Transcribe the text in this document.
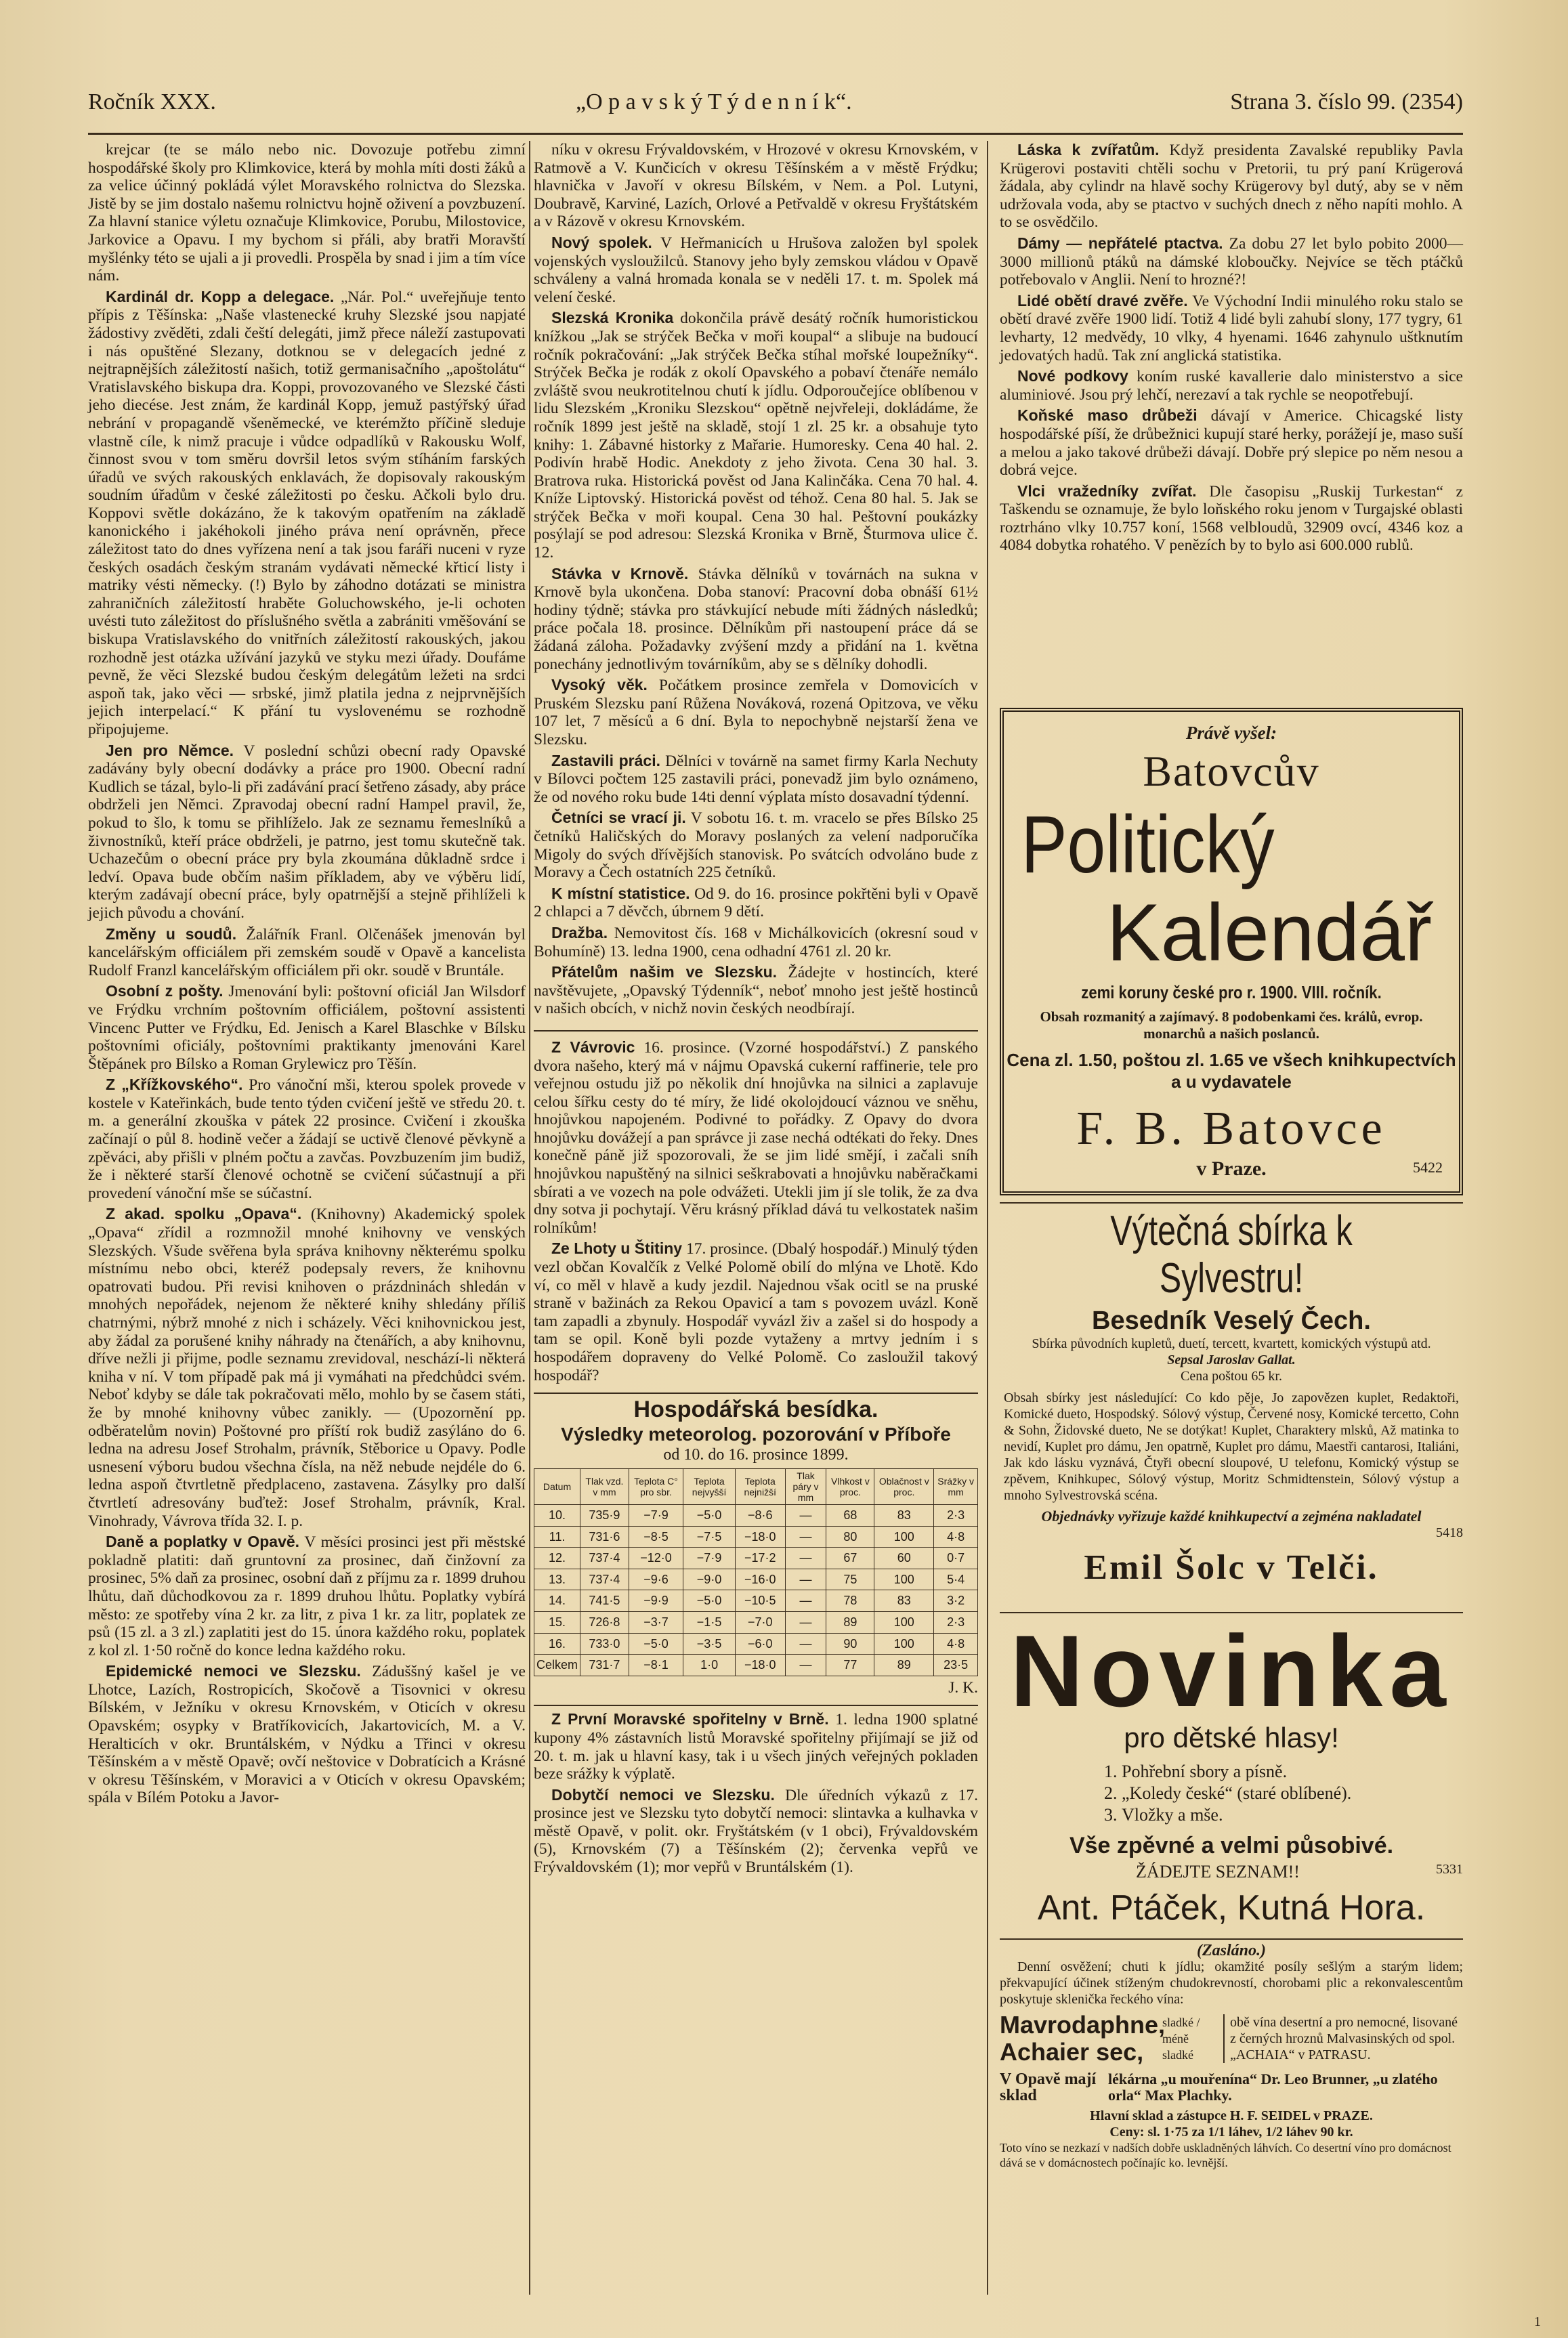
Ročník XXX.	„O p a v s k ý T ý d e n n í k“.	Strana 3. číslo 99. (2354)

krejcar (te se málo nebo nic. Dovozuje potřebu zimní hospodářské školy pro Klimkovice, která by mohla míti dosti žáků a za velice účinný pokládá výlet Moravského rolnictva do Slezska. Jistě by se jim dostalo našemu rolnictvu hojně oživení a povzbuzení. Za hlavní stanice výletu označuje Klimkovice, Porubu, Milostovice, Jarkovice a Opavu. I my bychom si přáli, aby bratři Moravští myšlénky této se ujali a ji provedli. Prospěla by snad i jim a tím více nám.

Kardinál dr. Kopp a delegace. „Nár. Pol.“ uveřejňuje tento přípis z Těšínska: „Naše vlastenecké kruhy Slezské jsou napjaté žádostivy zvěděti, zdali čeští delegáti, jimž přece náleží zastupovati i nás opuštěné Slezany, dotknou se v delegacích jedné z nejtrapnějších záležitostí našich, totiž germanisačního „apoštolátu“ Vratislavského biskupa dra. Koppi, provozovaného ve Slezské části jeho diecése. Jest znám, že kardinál Kopp, jemuž pastýřský úřad nebrání v propagandě všeněmecké, ve kterémžto příčině sleduje vlastně cíle, k nimž pracuje i vůdce odpadlíků v Rakousku Wolf, činnost svou v tom směru dovršil letos svým stíháním farských úřadů ve svých rakouských enklavách, že dopisovaly rakouským soudním úřadům v české záležitosti po česku. Ačkoli bylo dru. Koppovi světle dokázáno, že k takovým opatřením na základě kanonického i jakéhokoli jiného práva není oprávněn, přece záležitost tato do dnes vyřízena není a tak jsou faráři nuceni v ryze českých osadách českým stranám vydávati německé křticí listy i matriky vésti německy. (!) Bylo by záhodno dotázati se ministra zahraničních záležitostí hraběte Goluchowského, je-li ochoten uvésti tuto záležitost do příslušného světla a zabrániti vměšování se biskupa Vratislavského do vnitřních záležitostí rakouských, jakou rozhodně jest otázka užívání jazyků ve styku mezi úřady. Doufáme pevně, že věci Slezské budou českým delegátům ležeti na srdci aspoň tak, jako věci — srbské, jimž platila jedna z nejprvnějších jejich interpelací.“ K přání tu vyslovenému se rozhodně připojujeme.

Jen pro Němce. V poslední schůzi obecní rady Opavské zadávány byly obecní dodávky a práce pro 1900. Obecní radní Kudlich se tázal, bylo-li při zadávání prací šetřeno zásady, aby práce obdrželi jen Němci. Zpravodaj obecní radní Hampel pravil, že, pokud to šlo, k tomu se přihlíželo. Jak ze seznamu řemeslníků a živnostníků, kteří práce obdrželi, je patrno, jest tomu skutečně tak. Uchazečům o obecní práce pry byla zkoumána důkladně srdce i ledví. Opava bude občím našim příkladem, aby ve výběru lidí, kterým zadávají obecní práce, byly opatrnější a stejně přihlíželi k jejich původu a chování.

Změny u soudů. Žalářník Franl. Olčenášek jmenován byl kancelářským officiálem při zemském soudě v Opavě a kancelista Rudolf Franzl kancelářským officiálem při okr. soudě v Bruntále.

Osobní z pošty. Jmenování byli: poštovní oficiál Jan Wilsdorf ve Frýdku vrchním poštovním officiálem, poštovní assistenti Vincenc Putter ve Frýdku, Ed. Jenisch a Karel Blaschke v Bílsku poštovními oficiály, poštovními praktikanty jmenováni Karel Štěpánek pro Bílsko a Roman Grylewicz pro Těšín.

Z „Křížkovského“. Pro vánoční mši, kterou spolek provede v kostele v Kateřinkách, bude tento týden cvičení ještě ve středu 20. t. m. a generální zkouška v pátek 22 prosince. Cvičení i zkouška začínají o půl 8. hodině večer a žádají se uctivě členové pěvkyně a zpěváci, aby přišli v plném počtu a zavčas. Povzbuzením jim budiž, že i některé starší členové ochotně se cvičení súčastnují a při provedení vánoční mše se súčastní.

Z akad. spolku „Opava“. (Knihovny) Akademický spolek „Opava“ zřídil a rozmnožil mnohé knihovny ve venských Slezských. Všude svěřena byla správa knihovny některému spolku místnímu nebo obci, kteréž podepsaly revers, že knihovnu opatrovati budou. Při revisi knihoven o prázdninách shledán v mnohých nepořádek, nejenom že některé knihy shledány příliš chatrnými, nýbrž mnohé z nich i scházely. Věci knihovnickou jest, aby žádal za porušené knihy náhrady na čtenářích, a aby knihovnu, dříve nežli ji přijme, podle seznamu zrevidoval, neschází-li některá kniha v ní. V tom případě pak má ji vymáhati na předchůdci svém. Neboť kdyby se dále tak pokračovati mělo, mohlo by se časem státi, že by mnohé knihovny vůbec zanikly. — (Upozornění pp. odběratelům novin) Poštovné pro příští rok budiž zasýláno do 6. ledna na adresu Josef Strohalm, právník, Stěborice u Opavy. Podle usnesení výboru budou všechna čísla, na něž nebude nejdéle do 6. ledna aspoň čtvrtletně předplaceno, zastavena. Zásylky pro další čtvrtletí adresovány buďtež: Josef Strohalm, právník, Kral. Vinohrady, Vávrova třída 32. I. p.

Daně a poplatky v Opavě. V měsíci prosinci jest při městské pokladně platiti: daň gruntovní za prosinec, daň činžovní za prosinec, 5% daň za prosinec, osobní daň z příjmu za r. 1899 druhou lhůtu, daň důchodkovou za r. 1899 druhou lhůtu. Poplatky vybírá město: ze spotřeby vína 2 kr. za litr, z piva 1 kr. za litr, poplatek ze psů (15 zl. a 3 zl.) zaplatiti jest do 15. února každého roku, poplatek z kol zl. 1·50 ročně do konce ledna každého roku.

Epidemické nemoci ve Slezsku. Záduššný kašel je ve Lhotce, Lazích, Rostropicích, Skočově a Tisovnici v okresu Bílském, v Ježníku v okresu Krnovském, v Oticích v okresu Opavském; osypky v Bratříkovicích, Jakartovicích, M. a V. Heralticích v okr. Bruntálském, v Nýdku a Třinci v okresu Těšínském a v městě Opavě; ovčí neštovice v Dobratícich a Krásné v okresu Těšínském, v Moravici a v Oticích v okresu Opavském; spála v Bílém Potoku a Javor-

níku v okresu Frývaldovském, v Hrozové v okresu Krnovském, v Ratmově a V. Kunčicích v okresu Těšínském a v městě Frýdku; hlavnička v Javoří v okresu Bílském, v Nem. a Pol. Lutyni, Doubravě, Karviné, Lazích, Orlové a Petřvaldě v okresu Fryštátském a v Rázově v okresu Krnovském.

Nový spolek. V Heřmanicích u Hrušova založen byl spolek vojenských vysloužilců. Stanovy jeho byly zemskou vládou v Opavě schváleny a valná hromada konala se v neděli 17. t. m. Spolek má velení české.

Slezská Kronika dokončila právě desátý ročník humoristickou knížkou „Jak se strýček Bečka v moři koupal“ a slibuje na budoucí ročník pokračování: „Jak strýček Bečka stíhal mořské loupežníky“. Strýček Bečka je rodák z okolí Opavského a pobaví čtenáře nemálo zvláště svou neukrotitelnou chutí k jídlu. Odporoučejíce oblíbenou v lidu Slezském „Kroniku Slezskou“ opětně nejvřeleji, dokládáme, že ročník 1899 jest ještě na skladě, stojí 1 zl. 25 kr. a obsahuje tyto knihy: 1. Zábavné historky z Mařarie. Humoresky. Cena 40 hal. 2. Podivín hrabě Hodic. Anekdoty z jeho života. Cena 30 hal. 3. Bratrova ruka. Historická pověst od Jana Kalinčáka. Cena 70 hal. 4. Kníže Liptovský. Historická pověst od téhož. Cena 80 hal. 5. Jak se strýček Bečka v moři koupal. Cena 30 hal. Peštovní poukázky posýlají se pod adresou: Slezská Kronika v Brně, Šturmova ulice č. 12.

Stávka v Krnově. Stávka dělníků v továrnách na sukna v Krnově byla ukončena. Doba stanoví: Pracovní doba obnáší 61½ hodiny týdně; stávka pro stávkující nebude míti žádných následků; práce počala 18. prosince. Dělníkům při nastoupení práce dá se žádaná záloha. Požadavky zvýšení mzdy a přidání na 1. května ponechány jednotlivým továrníkům, aby se s dělníky dohodli.

Vysoký věk. Počátkem prosince zemřela v Domovicích v Pruském Slezsku paní Růžena Nováková, rozená Opitzova, ve věku 107 let, 7 měsíců a 6 dní. Byla to nepochybně nejstarší žena ve Slezsku.

Zastavili práci. Dělníci v továrně na samet firmy Karla Nechuty v Bílovci počtem 125 zastavili práci, ponevadž jim bylo oznámeno, že od nového roku bude 14ti denní výplata místo dosavadní týdenní.

Četníci se vrací ji. V sobotu 16. t. m. vracelo se přes Bílsko 25 četníků Haličských do Moravy poslaných za velení nadporučíka Migoly do svých dřívějších stanovisk. Po svátcích odvoláno bude z Moravy a Čech ostatních 225 četníků.

K místní statistice. Od 9. do 16. prosince pokřtěni byli v Opavě 2 chlapci a 7 děvčch, úbrnem 9 dětí.

Dražba. Nemovitost čís. 168 v Michálkovicích (okresní soud v Bohumíně) 13. ledna 1900, cena odhadní 4761 zl. 20 kr.

Přátelům našim ve Slezsku. Žádejte v hostincích, které navštěvujete, „Opavský Týdenník“, neboť mnoho jest ještě hostinců v našich obcích, v nichž novin českých neodbírají.

Z Vávrovic 16. prosince. (Vzorné hospodářství.) Z panského dvora našeho, který má v nájmu Opavská cukerní raffinerie, tele pro veřejnou ostudu již po několik dní hnojůvka na silnici a zaplavuje celou šířku cesty do té míry, že lidé okolojdoucí váznou ve sněhu, hnojůvkou napojeném. Podivné to pořádky. Z Opavy do dvora hnojůvku dovážejí a pan správce ji zase nechá odtékati do řeky. Dnes konečně páně již spozorovali, že se jim lidé smějí, i začali sníh hnojůvkou napuštěný na silnici seškrabovati a hnojůvku naběračkami sbírati a ve vozech na pole odvážeti. Utekli jim jí sle tolik, že za dva dny sotva ji pochytají. Věru krásný příklad dává tu velkostatek našim rolníkům!

Ze Lhoty u Štitiny 17. prosince. (Dbalý hospodář.) Minulý týden vezl občan Kovalčík z Velké Polomě obilí do mlýna ve Lhotě. Kdo ví, co měl v hlavě a kudy jezdil. Najednou však ocitl se na pruské straně v bažinách za Rekou Opavicí a tam s povozem uvázl. Koně tam zapadli a zbynuly. Hospodář vyvázl živ a zašel si do hospody a tam se opil. Koně byli pozde vytaženy a mrtvy jedním i s hospodářem dopraveny do Velké Polomě. Co zasloužil takový hospodář?

Hospodářská besídka.
Výsledky meteorolog. pozorování v Příboře
od 10. do 16. prosince 1899.
Datum	Tlak vzd. v mm	Teplota C° pro sbr.	Teplota nejvyšší	Teplota nejnižší	Tlak páry v mm	Vlhkost v proc.	Oblačnost v proc.	Srážky v mm
10.	735·9	−7·9	−5·0	−8·6	—	68	83	2·3
11.	731·6	−8·5	−7·5	−18·0	—	80	100	4·8
12.	737·4	−12·0	−7·9	−17·2	—	67	60	0·7
13.	737·4	−9·6	−9·0	−16·0	—	75	100	5·4
14.	741·5	−9·9	−5·0	−10·5	—	78	83	3·2
15.	726·8	−3·7	−1·5	−7·0	—	89	100	2·3
16.	733·0	−5·0	−3·5	−6·0	—	90	100	4·8
Celkem	731·7	−8·1	1·0	−18·0	—	77	89	23·5
J. K.

Z První Moravské spořitelny v Brně. 1. ledna 1900 splatné kupony 4% zástavních listů Moravské spořitelny přijímají se již od 20. t. m. jak u hlavní kasy, tak i u všech jiných veřejných pokladen beze srážky k výplatě.

Dobytčí nemoci ve Slezsku. Dle úředních výkazů z 17. prosince jest ve Slezsku tyto dobytčí nemoci: slintavka a kulhavka v městě Opavě, v polit. okr. Fryštátském (v 1 obci), Frývaldovském (5), Krnovském (7) a Těšínském (2); červenka vepřů ve Frývaldovském (1); mor vepřů v Bruntálském (1).

Láska k zvířatům. Když presidenta Zavalské republiky Pavla Krügerovi postaviti chtěli sochu v Pretorii, tu prý paní Krügerová žádala, aby cylindr na hlavě sochy Krügerovy byl dutý, aby se v něm udržovala voda, aby se ptactvo v suchých dnech z něho napíti mohlo. A to se osvědčilo.

Dámy — nepřátelé ptactva. Za dobu 27 let bylo pobito 2000—3000 millionů ptáků na dámské kloboučky. Nejvíce se těch ptáčků potřebovalo v Anglii. Není to hrozné?!

Lidé obětí dravé zvěře. Ve Východní Indii minulého roku stalo se obětí dravé zvěře 1900 lidí. Totiž 4 lidé byli zahubí slony, 177 tygry, 61 levharty, 12 medvědy, 10 vlky, 4 hyenami. 1646 zahynulo uštknutím jedovatých hadů. Tak zní anglická statistika.

Nové podkovy koním ruské kavallerie dalo ministerstvo a sice aluminiové. Jsou prý lehčí, nerezaví a tak rychle se neopotřebují.

Koňské maso drůbeži dávají v Americe. Chicagské listy hospodářské píší, že drůbežnici kupují staré herky, porážejí je, maso suší a melou a jako takové drůbeži dávají. Dobře prý slepice po něm nesou a dobrá vejce.

Vlci vražedníky zvířat. Dle časopisu „Ruskij Turkestan“ z Taškendu se oznamuje, že bylo loňského roku jenom v Turgajské oblasti roztrháno vlky 10.757 koní, 1568 velbloudů, 32909 ovcí, 4346 koz a 4084 dobytka rohatého. V penězích by to bylo asi 600.000 rublů.

Právě vyšel:
Batovcův
Politický
Kalendář
zemi koruny české pro r. 1900. VIII. ročník.
Obsah rozmanitý a zajímavý. 8 podobenkami čes. králů, evrop. monarchů a našich poslanců.
Cena zl. 1.50, poštou zl. 1.65 ve všech knihkupectvích a u vydavatele
F. B. Batovce
v Praze.	5422
Výtečná sbírka k Sylvestru!
Besedník Veselý Čech.
Sbírka původních kupletů, duetí, tercett, kvartett, komických výstupů atd.
Sepsal Jaroslav Gallat.
Cena poštou 65 kr.
Obsah sbírky jest následující: Co kdo pěje, Jo zapovězen kuplet, Redaktoři, Komické dueto, Hospodský. Sólový výstup, Červené nosy, Komické tercetto, Cohn & Sohn, Židovské dueto, Ne se dotýkat! Kuplet, Charaktery mlsků, Až matinka to nevidí, Kuplet pro dámu, Jen opatrně, Kuplet pro dámu, Maestři cantarosi, Italiáni, Jak kdo lásku vyznává, Čtyři obecní sloupové, U telefonu, Komický výstup se zpěvem, Knihkupec, Sólový výstup, Moritz Schmidtenstein, Sólový výstup a mnoho Sylvestrovská scéna.
Objednávky vyřizuje každé knihkupectví a zejména nakladatel
5418
Emil Šolc v Telči.
Novinka
pro dětské hlasy!
1. Pohřební sbory a písně.
2. „Koledy české“ (staré oblíbené).
3. Vložky a mše.
Vše zpěvné a velmi působivé.
ŽÁDEJTE SEZNAM!!	5331
Ant. Ptáček, Kutná Hora.
(Zasláno.)
Denní osvěžení; chuti k jídlu; okamžité posíly sešlým a starým lidem; překvapující účinek stíženým chudokrevností, chorobami plic a rekonvalescentům poskytuje sklenička řeckého vína:
Mavrodaphne, Achaier sec,
sladké / méně sladké
obě vína desertní a pro nemocné, lisované z černých hroznů Malvasinských od spol. „ACHAIA“ v PATRASU.
V Opavě mají sklad
lékárna „u mouřenína“ Dr. Leo Brunner, „u zlatého orla“ Max Plachky.
Hlavní sklad a zástupce H. F. SEIDEL v PRAZE.
Ceny: sl. 1·75 za 1/1 láhev, 1/2 láhev 90 kr.
Toto víno se nezkazí v nadších dobře uskladněných láhvích. Co desertní víno pro domácnost dává se v domácnostech počínajíc ko. levnější.
1
